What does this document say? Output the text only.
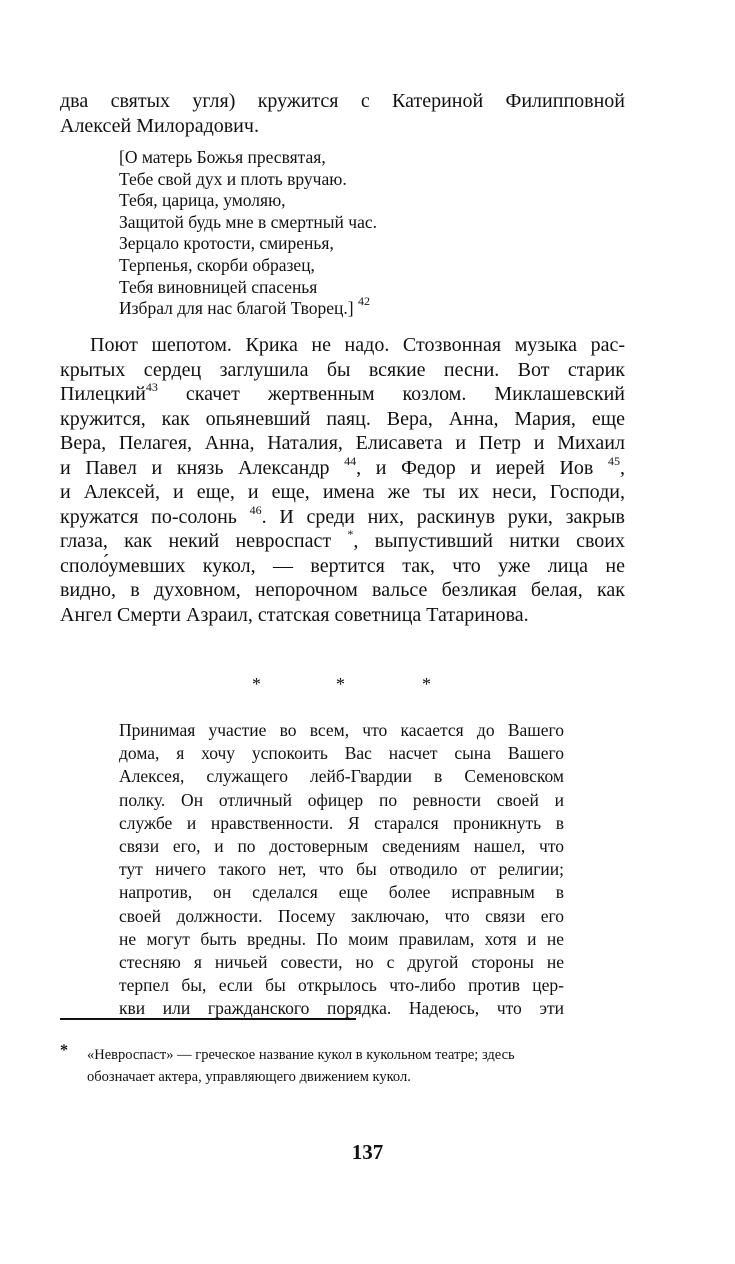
два святых угля) кружится с Катериной Филипповной
Алексей Милорадович.
[О матерь Божья пресвятая,
Тебе свой дух и плоть вручаю.
Тебя, царица, умоляю,
Защитой будь мне в смертный час.
Зерцало кротости, смиренья,
Терпенья, скорби образец,
Тебя виновницей спасенья
Избрал для нас благой Творец.] $^{42}$
Поют шепотом. Крика не надо. Стозвонная музыка рас-
крытых сердец заглушила бы всякие песни. Вот старик
Пилецкий$^{43}$ скачет жертвенным козлом. Миклашевский
кружится, как опьяневший паяц. Вера, Анна, Мария, еще
Вера, Пелагея, Анна, Наталия, Елисавета и Петр и Михаил
и Павел и князь Александр $^{44}$, и Федор и иерей Иов $^{45}$,
и Алексей, и еще, и еще, имена же ты их неси, Господи,
кружатся по-солонь $^{46}$. И среди них, раскинув руки, закрыв
глаза, как некий невроспаст *, выпустивший нитки своих
споло́умевших кукол, — вертится так, что уже лица не
видно, в духовном, непорочном вальсе безликая белая, как
Ангел Смерти Азраил, статская советница Татаринова.
*	*	*
Принимая участие во всем, что касается до Вашего
дома, я хочу успокоить Вас насчет сына Вашего
Алексея, служащего лейб-Гвардии в Семеновском
полку. Он отличный офицер по ревности своей и
службе и нравственности. Я старался проникнуть в
связи его, и по достоверным сведениям нашел, что
тут ничего такого нет, что бы отводило от религии;
напротив, он сделался еще более исправным в
своей должности. Посему заключаю, что связи его
не могут быть вредны. По моим правилам, хотя и не
стесняю я ничьей совести, но с другой стороны не
терпел бы, если бы открылось что-либо против цер-
кви или гражданского порядка. Надеюсь, что эти
* «Невроспаст» — греческое название кукол в кукольном театре; здесь
обозначает актера, управляющего движением кукол.
137
